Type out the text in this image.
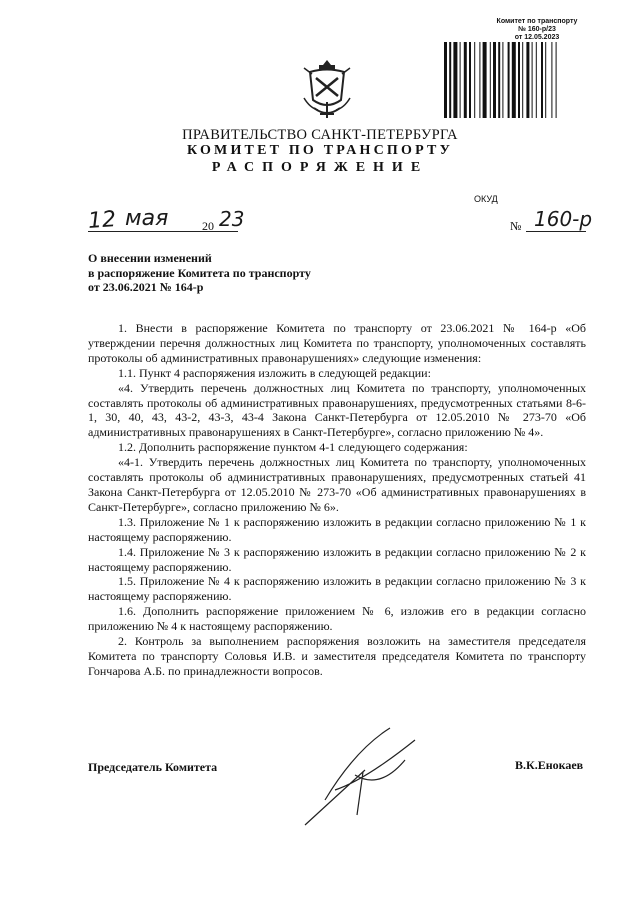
Комитет по транспорту
№ 160-р/23
от 12.05.2023
ПРАВИТЕЛЬСТВО САНКТ-ПЕТЕРБУРГА
КОМИТЕТ ПО ТРАНСПОРТУ
РАСПОРЯЖЕНИЕ
ОКУД
12 мая	20 23	№ 160-р
О внесении изменений
в распоряжение Комитета по транспорту
от 23.06.2021 № 164-р

1. Внести в распоряжение Комитета по транспорту от 23.06.2021 № 164-р «Об утверждении перечня должностных лиц Комитета по транспорту, уполномоченных составлять протоколы об административных правонарушениях» следующие изменения:

1.1. Пункт 4 распоряжения изложить в следующей редакции:

«4. Утвердить перечень должностных лиц Комитета по транспорту, уполномоченных составлять протоколы об административных правонарушениях, предусмотренных статьями 8-6-1, 30, 40, 43, 43-2, 43-3, 43-4 Закона Санкт-Петербурга от 12.05.2010 № 273-70 «Об административных правонарушениях в Санкт-Петербурге», согласно приложению № 4».

1.2. Дополнить распоряжение пунктом 4-1 следующего содержания:

«4-1. Утвердить перечень должностных лиц Комитета по транспорту, уполномоченных составлять протоколы об административных правонарушениях, предусмотренных статьей 41 Закона Санкт-Петербурга от 12.05.2010 № 273-70 «Об административных правонарушениях в Санкт-Петербурге», согласно приложению № 6».

1.3. Приложение № 1 к распоряжению изложить в редакции согласно приложению № 1 к настоящему распоряжению.

1.4. Приложение № 3 к распоряжению изложить в редакции согласно приложению № 2 к настоящему распоряжению.

1.5. Приложение № 4 к распоряжению изложить в редакции согласно приложению № 3 к настоящему распоряжению.

1.6. Дополнить распоряжение приложением № 6, изложив его в редакции согласно приложению № 4 к настоящему распоряжению.

2. Контроль за выполнением распоряжения возложить на заместителя председателя Комитета по транспорту Соловья И.В. и заместителя председателя Комитета по транспорту Гончарова А.Б. по принадлежности вопросов.

Председатель Комитета	В.К.Енокаев
